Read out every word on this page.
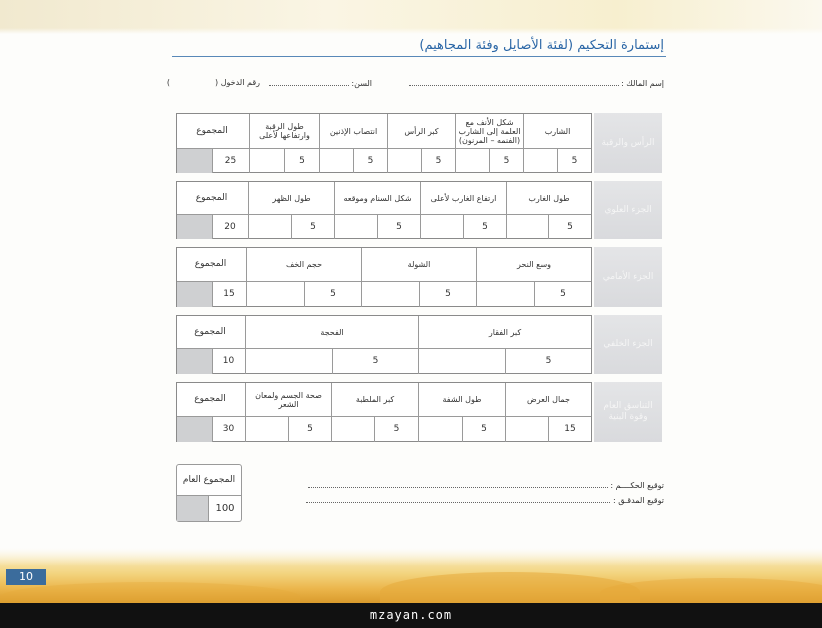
10
إستمارة التحكيم (لفئة الأصايل وفئة المجاهيم)
إسم المالك :
السن:
رقم الدخول (  )
الرأس والرقبة
الشارب
شكل الأنف مع العلمة إلى الشارب (الفنمه – المرنون)
كبر الرأس
انتصاب الإذنين
طول الرقبة وارتفاعها لأعلى
المجموع
5
5
5
5
5
25
الجزء العلوي
طول الغارب
ارتفاع الغارب لأعلى
شكل السنام وموقعه
طول الظهر
المجموع
5
5
5
5
20
الجزء الأمامي
وسع النحر
الشولة
حجم الخف
المجموع
5
5
5
15
الجزء الخلفي
كبر الفقار
الفحجة
المجموع
5
5
10
التناسق العام وقوة البنية
جمال العرض
طول الشفة
كبر الملطبة
صحة الجسم ولمعان الشعر
المجموع
15
5
5
5
30
المجموع العام
100
توقيع الحكــــم :
توقيع المدقـق :
mzayan.com
